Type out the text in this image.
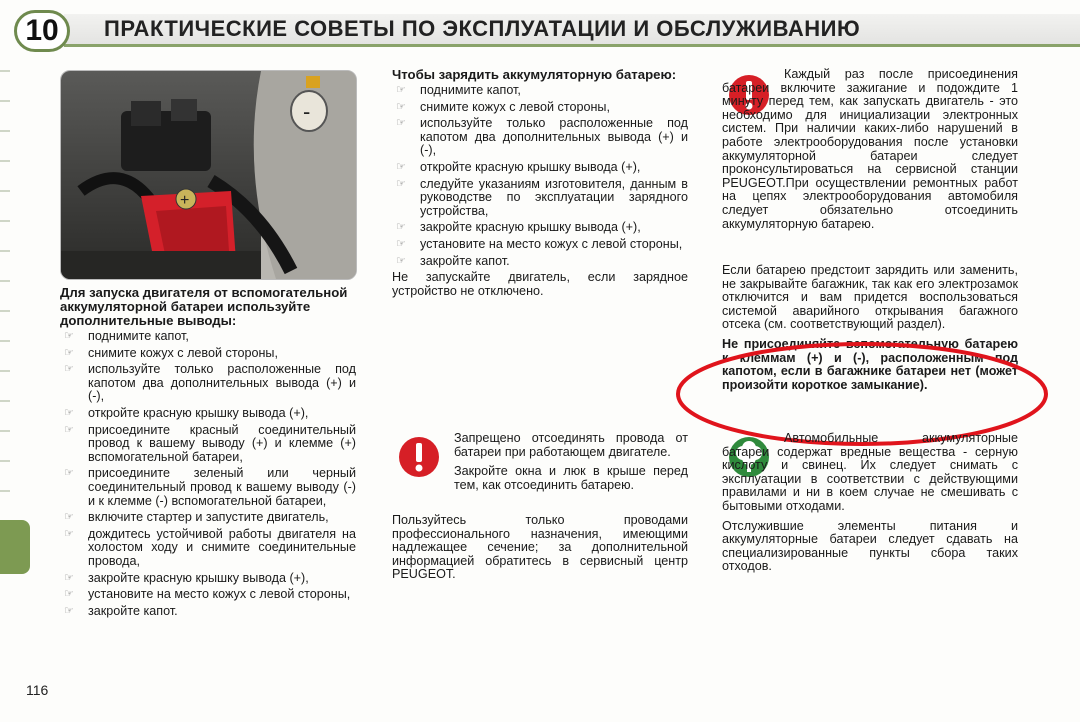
10	ПРАКТИЧЕСКИЕ СОВЕТЫ ПО ЭКСПЛУАТАЦИИ И ОБСЛУЖИВАНИЮ
-
+

Для запуска двигателя от вспомогательной аккумуляторной батареи используйте дополнительные выводы:

☞ поднимите капот,
☞ снимите кожух с левой стороны,
☞ используйте только расположенные под капотом два дополнительных вывода (+) и (-),
☞ откройте красную крышку вывода (+),
☞ присоедините красный соединительный провод к вашему выводу (+) и клемме (+) вспомогательной батареи,
☞ присоедините зеленый или черный соединительный провод к вашему выводу (-) и к клемме (-) вспомогательной батареи,
☞ включите стартер и запустите двигатель,
☞ дождитесь устойчивой работы двигателя на холостом ходу и снимите соединительные провода,
☞ закройте красную крышку вывода (+),
☞ установите на место кожух с левой стороны,
☞ закройте капот.

Чтобы зарядить аккумуляторную батарею:

☞ поднимите капот,
☞ снимите кожух с левой стороны,
☞ используйте только расположенные под капотом два дополнительных вывода (+) и (-),
☞ откройте красную крышку вывода (+),
☞ следуйте указаниям изготовителя, данным в руководстве по эксплуатации зарядного устройства,
☞ закройте красную крышку вывода (+),
☞ установите на место кожух с левой стороны,
☞ закройте капот.

Не запускайте двигатель, если зарядное устройство не отключено.

Запрещено отсоединять провода от батареи при работающем двигателе.

Закройте окна и люк в крыше перед тем, как отсоединить батарею.

Пользуйтесь только проводами профессионального назначения, имеющими надлежащее сечение; за дополнительной информацией обратитесь в сервисный центр PEUGEOT.

Каждый раз после присоединения батареи включите зажигание и подождите 1 минуту перед тем, как запускать двигатель - это необходимо для инициализации электронных систем. При наличии каких-либо нарушений в работе электрооборудования после установки аккумуляторной батареи следует проконсультироваться на сервисной станции PEUGEOT.При осуществлении ремонтных работ на цепях электрооборудования автомобиля следует обязательно отсоединить аккумуляторную батарею.

Если батарею предстоит зарядить или заменить, не закрывайте багажник, так как его электрозамок отключится и вам придется воспользоваться системой аварийного открывания багажного отсека (см. соответствующий раздел).

Не присоединяйте вспомогательную батарею к клеммам (+) и (-), расположенным под капотом, если в багажнике батареи нет (может произойти короткое замыкание).

Автомобильные аккумуляторные батареи содержат вредные вещества - серную кислоту и свинец. Их следует снимать с эксплуатации в соответствии с действующими правилами и ни в коем случае не смешивать с бытовыми отходами.

Отслужившие элементы питания и аккумуляторные батареи следует сдавать на специализированные пункты сбора таких отходов.

116
